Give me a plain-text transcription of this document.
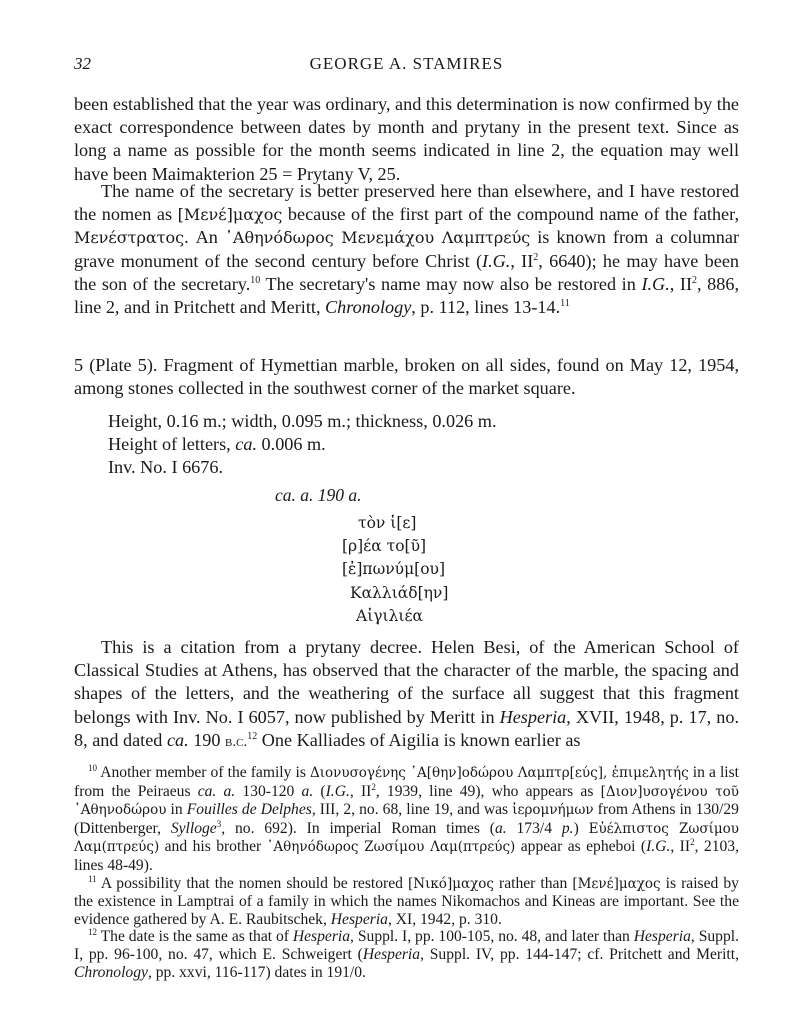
32	GEORGE A. STAMIRES

been established that the year was ordinary, and this determination is now confirmed by the exact correspondence between dates by month and prytany in the present text. Since as long a name as possible for the month seems indicated in line 2, the equation may well have been Maimakterion 25 = Prytany V, 25.

The name of the secretary is better preserved here than elsewhere, and I have restored the nomen as [Μενέ]μαχος because of the first part of the compound name of the father, Μενέστρατος. An ᾿Αθηνόδωρος Μενεμάχου Λαμπτρεύς is known from a columnar grave monument of the second century before Christ (I.G., $II^2$, 6640); he may have been the son of the secretary.$^{10}$ The secretary's name may now also be restored in I.G., $II^2$, 886, line 2, and in Pritchett and Meritt, Chronology, p. 112, lines 13-14.11

5 (Plate 5). Fragment of Hymettian marble, broken on all sides, found on May 12, 1954, among stones collected in the southwest corner of the market square.

Height, 0.16 m.; width, 0.095 m.; thickness, 0.026 m.
Height of letters, ca. 0.006 m.
Inv. No. I 6676.
ca. a. 190 a.
τὸν ἱ[ε]
[ρ]έα το[ῦ]
[ἐ]πωνύμ[ου]
Καλλιάδ[ην]
Αἰγιλιέα

This is a citation from a prytany decree. Helen Besi, of the American School of Classical Studies at Athens, has observed that the character of the marble, the spacing and shapes of the letters, and the weathering of the surface all suggest that this fragment belongs with Inv. No. I 6057, now published by Meritt in Hesperia, XVII, 1948, p. 17, no. 8, and dated ca. 190 b.c.$^{12}$ One Kalliades of Aigilia is known earlier as

$^{10}$ Another member of the family is Διονυσογένης ᾿Α[θην]οδώρου Λαμπτρ[εύς], ἐπιμελητής in a list from the Peiraeus ca. a. 130-120 a. (I.G., $II^2$, 1939, line 49), who appears as [Διον]υσογένου τοῦ ᾿Αθηνοδώρου in Fouilles de Delphes, III, 2, no. 68, line 19, and was ἱερομνήμων from Athens in 130/29 (Dittenberger, Sylloge$^3$, no. 692). In imperial Roman times (a. 173/4 p.) Εὐέλπιστος Ζωσίμου Λαμ(πτρεύς) and his brother ᾿Αθηνόδωρος Ζωσίμου Λαμ(πτρεύς) appear as epheboi (I.G., $II^2$, 2103, lines 48-49).

$^{11}$ A possibility that the nomen should be restored [Νικό]μαχος rather than [Μενέ]μαχος is raised by the existence in Lamptrai of a family in which the names Nikomachos and Kineas are important. See the evidence gathered by A. E. Raubitschek, Hesperia, XI, 1942, p. 310.

$^{12}$ The date is the same as that of Hesperia, Suppl. I, pp. 100-105, no. 48, and later than Hesperia, Suppl. I, pp. 96-100, no. 47, which E. Schweigert (Hesperia, Suppl. IV, pp. 144-147; cf. Pritchett and Meritt, Chronology, pp. xxvi, 116-117) dates in 191/0.
